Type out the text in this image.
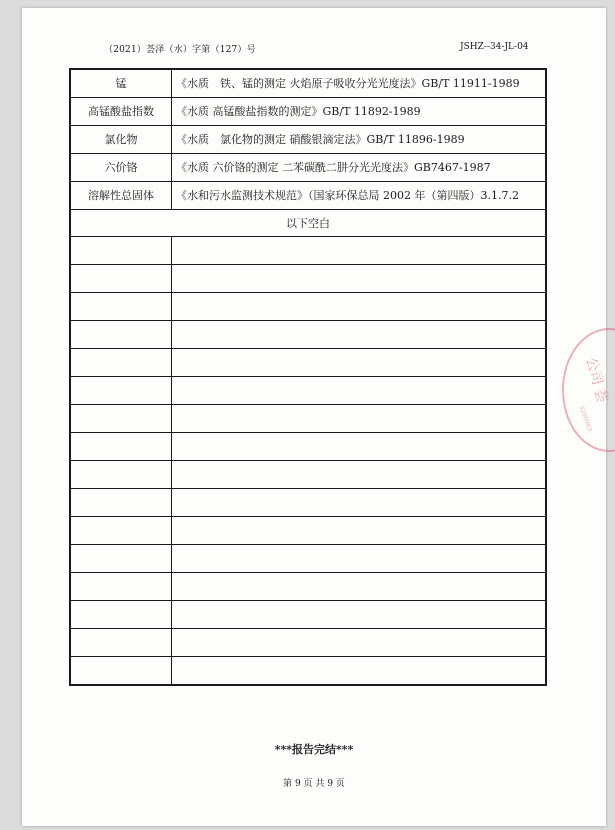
（2021）荟泽（水）字第（127）号	JSHZ--34-JL-04
锰	《水质　铁、锰的测定 火焰原子吸收分光光度法》GB/T 11911-1989
高锰酸盐指数	《水质 高锰酸盐指数的测定》GB/T 11892-1989
氯化物	《水质　氯化物的测定 硝酸银滴定法》GB/T 11896-1989
六价铬	《水质 六价铬的测定 二苯碳酰二肼分光光度法》GB7467-1987
溶解性总固体	《水和污水监测技术规范》（国家环保总局 2002 年（第四版）3.1.7.2
以下空白	

公司 荟
3200983
***报告完结***
第 9 页 共 9 页
